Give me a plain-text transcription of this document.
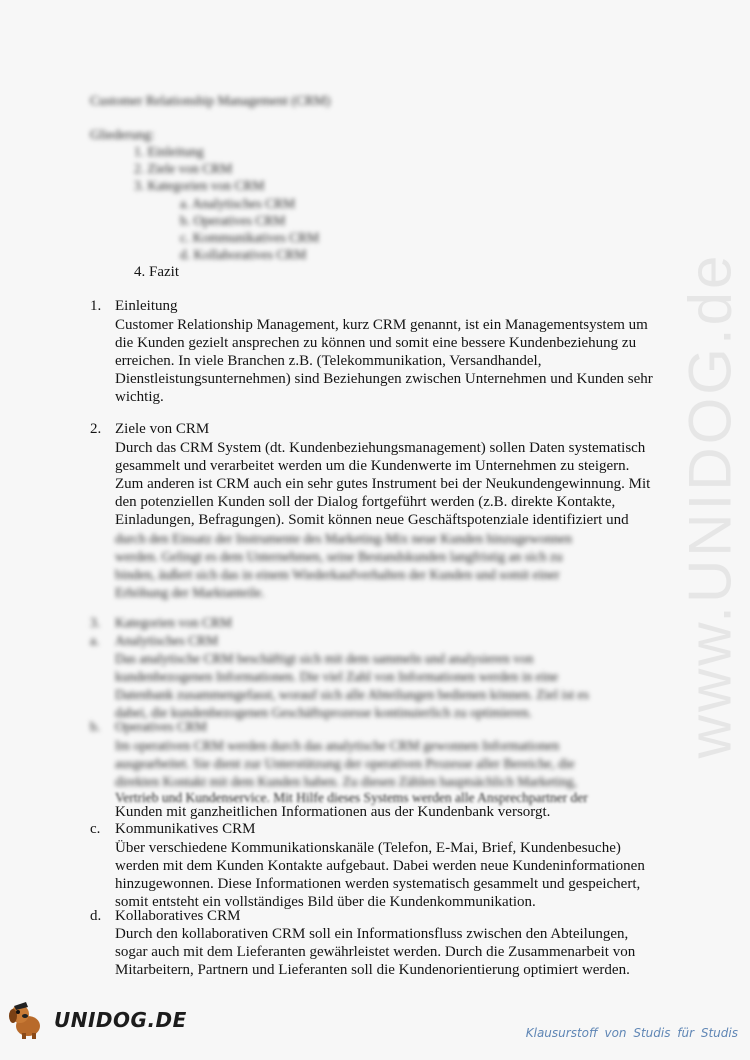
Customer Relationship Management (CRM)
Gliederung:
1. Einleitung
2. Ziele von CRM
3. Kategorien von CRM
a. Analytisches CRM
b. Operatives CRM
c. Kommunikatives CRM
d. Kollaboratives CRM
4. Fazit
1. Einleitung
Customer Relationship Management, kurz CRM genannt, ist ein Managementsystem um
die Kunden gezielt ansprechen zu können und somit eine bessere Kundenbeziehung zu
erreichen. In viele Branchen z.B. (Telekommunikation, Versandhandel,
Dienstleistungsunternehmen) sind Beziehungen zwischen Unternehmen und Kunden sehr
wichtig.
2. Ziele von CRM
Durch das CRM System (dt. Kundenbeziehungsmanagement) sollen Daten systematisch
gesammelt und verarbeitet werden um die Kundenwerte im Unternehmen zu steigern.
Zum anderen ist CRM auch ein sehr gutes Instrument bei der Neukundengewinnung. Mit
den potenziellen Kunden soll der Dialog fortgeführt werden (z.B. direkte Kontakte,
Einladungen, Befragungen). Somit können neue Geschäftspotenziale identifiziert und
durch den Einsatz der Instrumente des Marketing-Mix neue Kunden hinzugewonnen
werden. Gelingt es dem Unternehmen, seine Bestandskunden langfristig an sich zu
binden, äußert sich das in einem Wiederkaufverhalten der Kunden und somit einer
Erhöhung der Marktanteile.
3. Kategorien von CRM
a. Analytisches CRM
Das analytische CRM beschäftigt sich mit dem sammeln und analysieren von
kundenbezogenen Informationen. Die viel Zahl von Informationen werden in eine
Datenbank zusammengefasst, worauf sich alle Abteilungen bedienen können. Ziel ist es
dabei, die kundenbezogenen Geschäftsprozesse kontinuierlich zu optimieren.
b. Operatives CRM
Im operativen CRM werden durch das analytische CRM gewonnen Informationen
ausgearbeitet. Sie dient zur Unterstützung der operativen Prozesse aller Bereiche, die
direkten Kontakt mit dem Kunden haben. Zu diesen Zählen hauptsächlich Marketing,
Vertrieb und Kundenservice. Mit Hilfe dieses Systems werden alle Ansprechpartner der
Kunden mit ganzheitlichen Informationen aus der Kundenbank versorgt.
c. Kommunikatives CRM
Über verschiedene Kommunikationskanäle (Telefon, E-Mai, Brief, Kundenbesuche)
werden mit dem Kunden Kontakte aufgebaut. Dabei werden neue Kundeninformationen
hinzugewonnen. Diese Informationen werden systematisch gesammelt und gespeichert,
somit entsteht ein vollständiges Bild über die Kundenkommunikation.
d. Kollaboratives CRM
Durch den kollaborativen CRM soll ein Informationsfluss zwischen den Abteilungen,
sogar auch mit dem Lieferanten gewährleistet werden. Durch die Zusammenarbeit von
Mitarbeitern, Partnern und Lieferanten soll die Kundenorientierung optimiert werden.
www.UNIDOG.de
UNIDOG.DE
Klausurstoff von Studis für Studis
